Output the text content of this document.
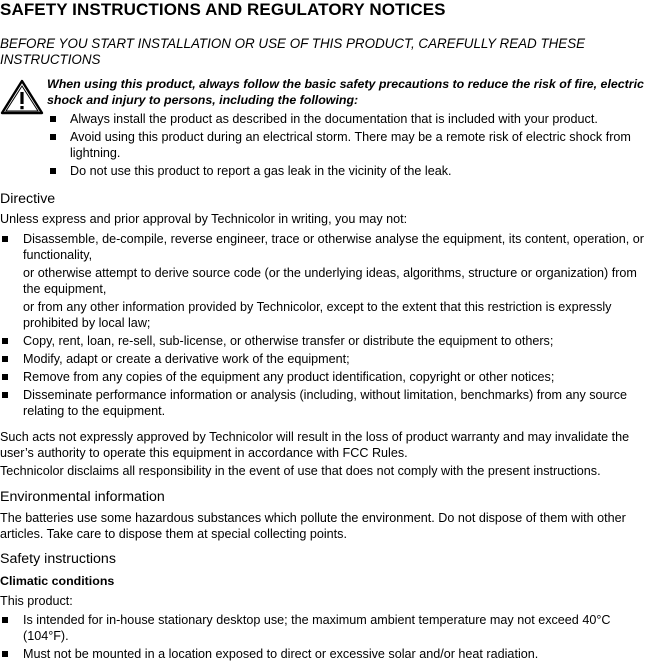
SAFETY INSTRUCTIONS AND REGULATORY NOTICES
BEFORE YOU START INSTALLATION OR USE OF THIS PRODUCT, CAREFULLY READ THESE INSTRUCTIONS
When using this product, always follow the basic safety precautions to reduce the risk of fire, electric shock and injury to persons, including the following:
Always install the product as described in the documentation that is included with your product.
Avoid using this product during an electrical storm. There may be a remote risk of electric shock from lightning.
Do not use this product to report a gas leak in the vicinity of the leak.
Directive
Unless express and prior approval by Technicolor in writing, you may not:

Disassemble, de-compile, reverse engineer, trace or otherwise analyse the equipment, its content, operation, or functionality,

or otherwise attempt to derive source code (or the underlying ideas, algorithms, structure or organization) from the equipment,

or from any other information provided by Technicolor, except to the extent that this restriction is expressly prohibited by local law;

Copy, rent, loan, re-sell, sub-license, or otherwise transfer or distribute the equipment to others;
Modify, adapt or create a derivative work of the equipment;
Remove from any copies of the equipment any product identification, copyright or other notices;
Disseminate performance information or analysis (including, without limitation, benchmarks) from any source relating to the equipment.
Such acts not expressly approved by Technicolor will result in the loss of product warranty and may invalidate the user’s authority to operate this equipment in accordance with FCC Rules.
Technicolor disclaims all responsibility in the event of use that does not comply with the present instructions.
Environmental information
The batteries use some hazardous substances which pollute the environment. Do not dispose of them with other articles. Take care to dispose them at special collecting points.
Safety instructions
Climatic conditions
This product:
Is intended for in-house stationary desktop use; the maximum ambient temperature may not exceed 40°C (104°F).
Must not be mounted in a location exposed to direct or excessive solar and/or heat radiation.
